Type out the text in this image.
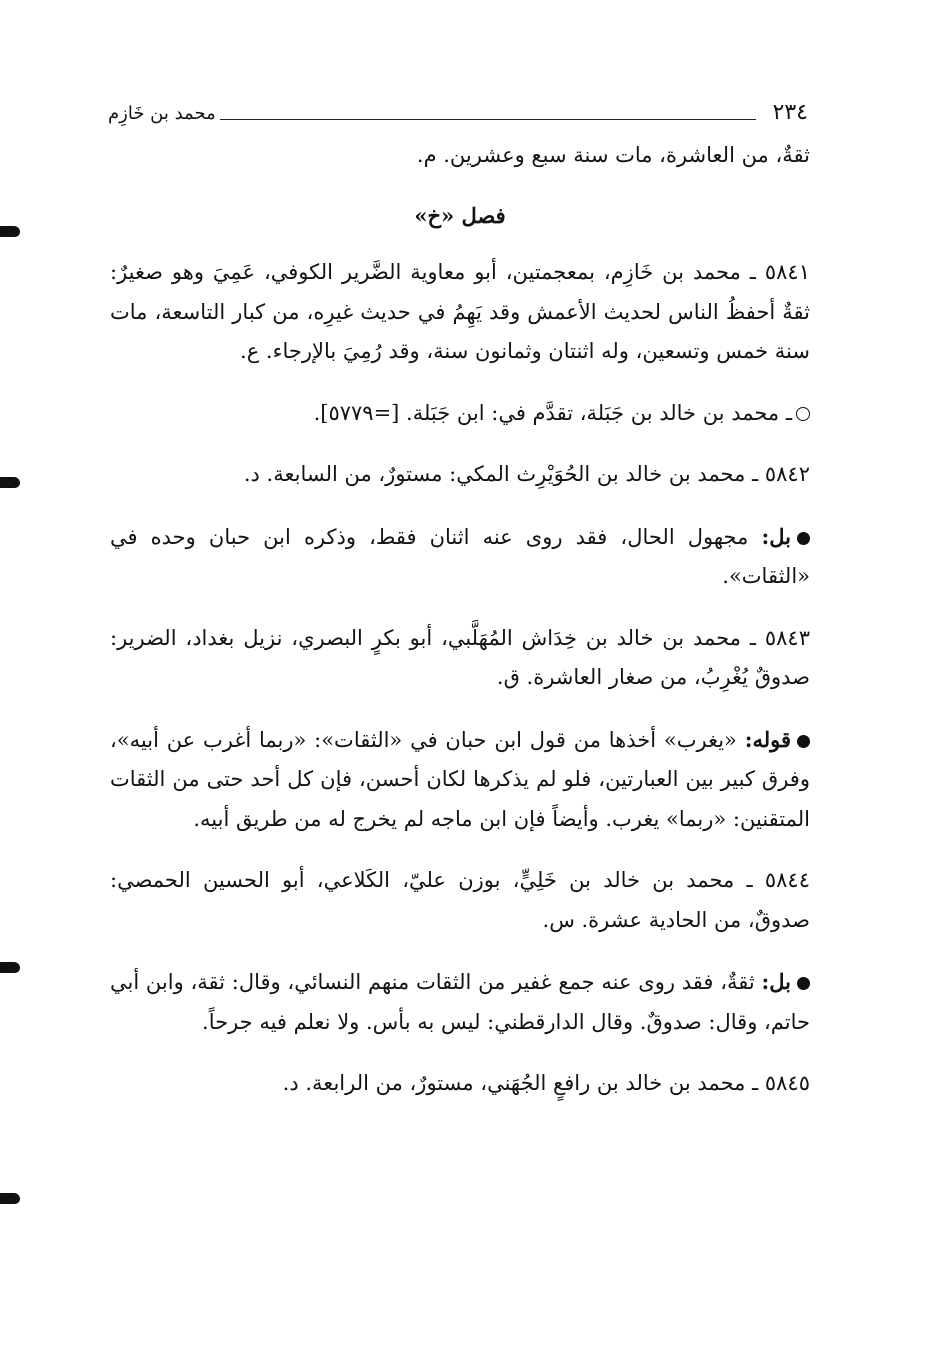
٢٣٤
محمد بن خَازِم

ثقةٌ، من العاشرة، مات سنة سبع وعشرين. م.

فصل «خ»

٥٨٤١ ـ محمد بن خَازِم، بمعجمتين، أبو معاوية الضَّرير الكوفي، عَمِيَ وهو صغيرٌ: ثقةٌ أحفظُ الناس لحديث الأعمش وقد يَهِمُ في حديث غيرِه، من كبار التاسعة، مات سنة خمس وتسعين، وله اثنتان وثمانون سنة، وقد رُمِيَ بالإرجاء. ع.

ـ محمد بن خالد بن جَبَلة، تقدَّم في: ابن جَبَلة. [=٥٧٧٩].

٥٨٤٢ ـ محمد بن خالد بن الحُوَيْرِث المكي: مستورٌ، من السابعة. د.

بل: مجهول الحال، فقد روى عنه اثنان فقط، وذكره ابن حبان وحده في «الثقات».

٥٨٤٣ ـ محمد بن خالد بن خِدَاش المُهَلَّبي، أبو بكرٍ البصري، نزيل بغداد، الضرير: صدوقٌ يُغْرِبُ، من صغار العاشرة. ق.

قوله: «يغرب» أخذها من قول ابن حبان في «الثقات»: «ربما أغرب عن أبيه»، وفرق كبير بين العبارتين، فلو لم يذكرها لكان أحسن، فإن كل أحد حتى من الثقات المتقنين: «ربما» يغرب. وأيضاً فإن ابن ماجه لم يخرج له من طريق أبيه.

٥٨٤٤ ـ محمد بن خالد بن خَلِيٍّ، بوزن عليّ، الكَلاعي، أبو الحسين الحمصي: صدوقٌ، من الحادية عشرة. س.

بل: ثقةٌ، فقد روى عنه جمع غفير من الثقات منهم النسائي، وقال: ثقة، وابن أبي حاتم، وقال: صدوقٌ. وقال الدارقطني: ليس به بأس. ولا نعلم فيه جرحاً.

٥٨٤٥ ـ محمد بن خالد بن رافعٍ الجُهَني، مستورٌ، من الرابعة. د.
